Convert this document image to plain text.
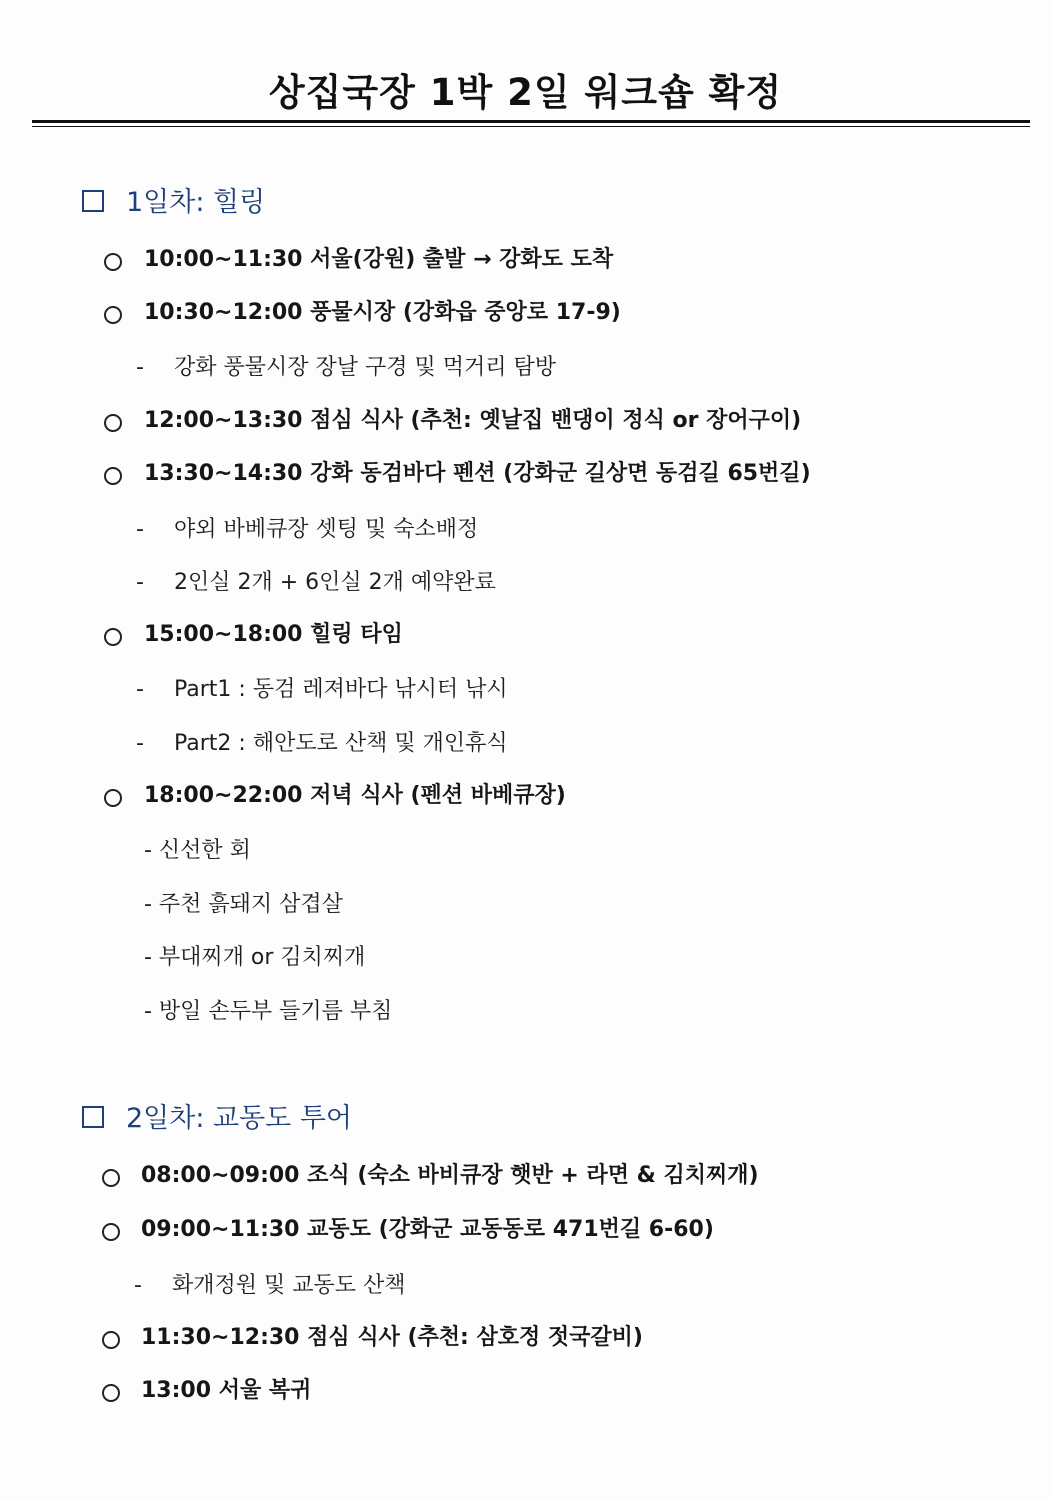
상집국장 1박 2일 워크숍 확정
1일차: 힐링
10:00~11:30 서울(강원) 출발 → 강화도 도착
10:30~12:00 풍물시장 (강화읍 중앙로 17-9)
- 강화 풍물시장 장날 구경 및 먹거리 탐방
12:00~13:30 점심 식사 (추천: 옛날집 밴댕이 정식 or 장어구이)
13:30~14:30 강화 동검바다 펜션 (강화군 길상면 동검길 65번길)
- 야외 바베큐장 셋팅 및 숙소배정
- 2인실 2개 + 6인실 2개 예약완료
15:00~18:00 힐링 타임
- Part1 : 동검 레져바다 낚시터 낚시
- Part2 : 해안도로 산책 및 개인휴식
18:00~22:00 저녁 식사 (펜션 바베큐장)
- 신선한 회
- 주천 흙돼지 삼겹살
- 부대찌개 or 김치찌개
- 방일 손두부 들기름 부침
2일차: 교동도 투어
08:00~09:00 조식 (숙소 바비큐장 햇반 + 라면 & 김치찌개)
09:00~11:30 교동도 (강화군 교동동로 471번길 6-60)
- 화개정원 및 교동도 산책
11:30~12:30 점심 식사 (추천: 삼호정 젓국갈비)
13:00 서울 복귀
